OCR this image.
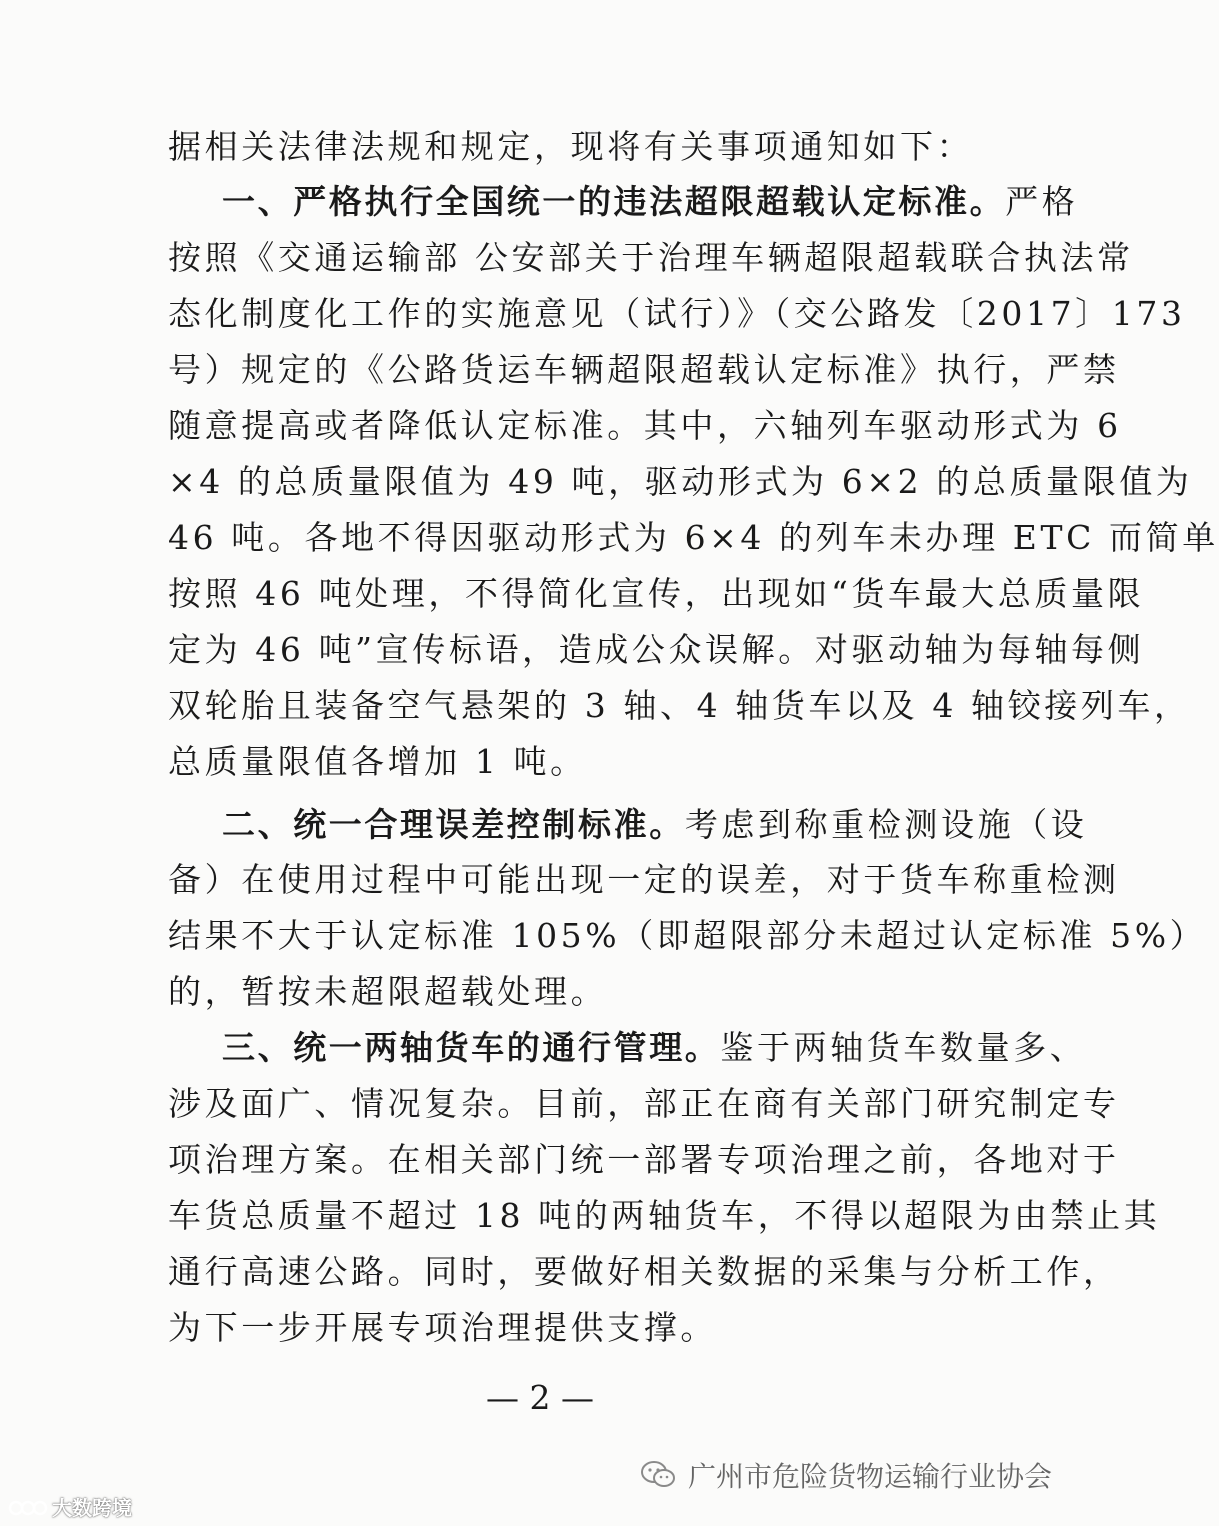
据相关法律法规和规定，现将有关事项通知如下：
一、严格执行全国统一的违法超限超载认定标准。严格
按照《交通运输部 公安部关于治理车辆超限超载联合执法常
态化制度化工作的实施意见（试行）》（交公路发〔2017〕173
号）规定的《公路货运车辆超限超载认定标准》执行，严禁
随意提高或者降低认定标准。其中，六轴列车驱动形式为 6
×4 的总质量限值为 49 吨，驱动形式为 6×2 的总质量限值为
46 吨。各地不得因驱动形式为 6×4 的列车未办理 ETC 而简单
按照 46 吨处理，不得简化宣传，出现如“货车最大总质量限
定为 46 吨”宣传标语，造成公众误解。对驱动轴为每轴每侧
双轮胎且装备空气悬架的 3 轴、4 轴货车以及 4 轴铰接列车，
总质量限值各增加 1 吨。
二、统一合理误差控制标准。考虑到称重检测设施（设
备）在使用过程中可能出现一定的误差，对于货车称重检测
结果不大于认定标准 105%（即超限部分未超过认定标准 5%）
的，暂按未超限超载处理。
三、统一两轴货车的通行管理。鉴于两轴货车数量多、
涉及面广、情况复杂。目前，部正在商有关部门研究制定专
项治理方案。在相关部门统一部署专项治理之前，各地对于
车货总质量不超过 18 吨的两轴货车，不得以超限为由禁止其
通行高速公路。同时，要做好相关数据的采集与分析工作，
为下一步开展专项治理提供支撑。
— 2 —
广州市危险货物运输行业协会
大数跨境
